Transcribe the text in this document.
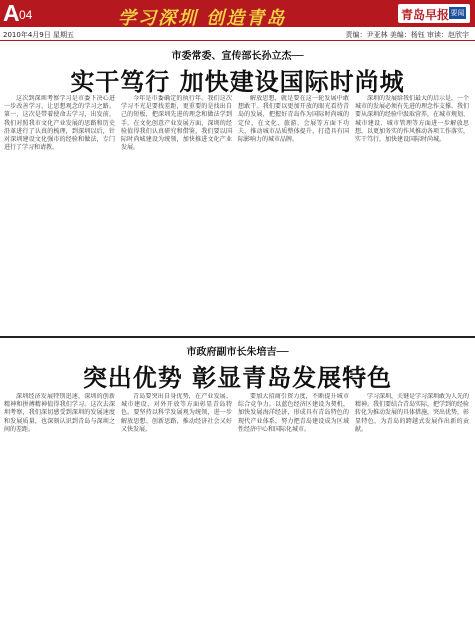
A 04	学习深圳 创造青岛	青岛早报 要闻
2010年4月9日 星期五	责编：尹亚林 美编：杨钰 审读：赵欣宇
市委常委、宣传部长孙立杰──
实干笃行 加快建设国际时尚城

这次到深圳考察学习是市委下决心进一步改善学习、让思想观念的学习之路。第一，这次是带着使命去学习，出发前，我们对照我市文化产业发展的思路和历史沿革进行了认真的梳理，到深圳以后，针对深圳建设文化强市的经验和做法，专门进行了学习和请教。

今年是市委确定的执行年。我们这次学习不光是要找差距，更重要的是找出自己的短板，把深圳先进的理念和做法学到手。在文化创意产业发展方面，深圳的经验值得我们认真研究和借鉴，我们要以国际时尚城建设为统领，加快推进文化产业发展。

解放思想，就是要在这一轮发展中敢想敢干。我们要以更加开放的眼光看待青岛的发展，把握好青岛作为国际时尚城的定位，在文化、旅游、会展等方面下功夫，推动城市品质整体提升，打造具有国际影响力的城市品牌。

深圳的发展给我们最大的启示是，一个城市的发展必须有先进的理念作支撑。我们要从深圳的经验中汲取营养，在城市规划、城市建设、城市管理等方面进一步解放思想，以更加务实的作风推动各项工作落实，实干笃行，加快建设国际时尚城。

市政府副市长朱培吉──
突出优势 彰显青岛发展特色

深圳经济发展特别迅速，深圳的创新精神和拼搏精神值得我们学习。这次去深圳考察，我们深切感受到深圳的发展速度和发展质量，也深刻认识到青岛与深圳之间的差距。

青岛要突出自身优势，在产业发展、城市建设、对外开放等方面彰显青岛特色。要坚持以科学发展观为统领，进一步解放思想、创新思路，推动经济社会又好又快发展。

要加大招商引资力度，不断提升城市综合竞争力。以蓝色经济区建设为契机，加快发展海洋经济，形成具有青岛特色的现代产业体系，努力把青岛建设成为区域性经济中心和国际化城市。

学习深圳，关键是学习深圳敢为人先的精神。我们要结合青岛实际，把学到的经验转化为推动发展的具体措施，突出优势，彰显特色，为青岛的跨越式发展作出新的贡献。
